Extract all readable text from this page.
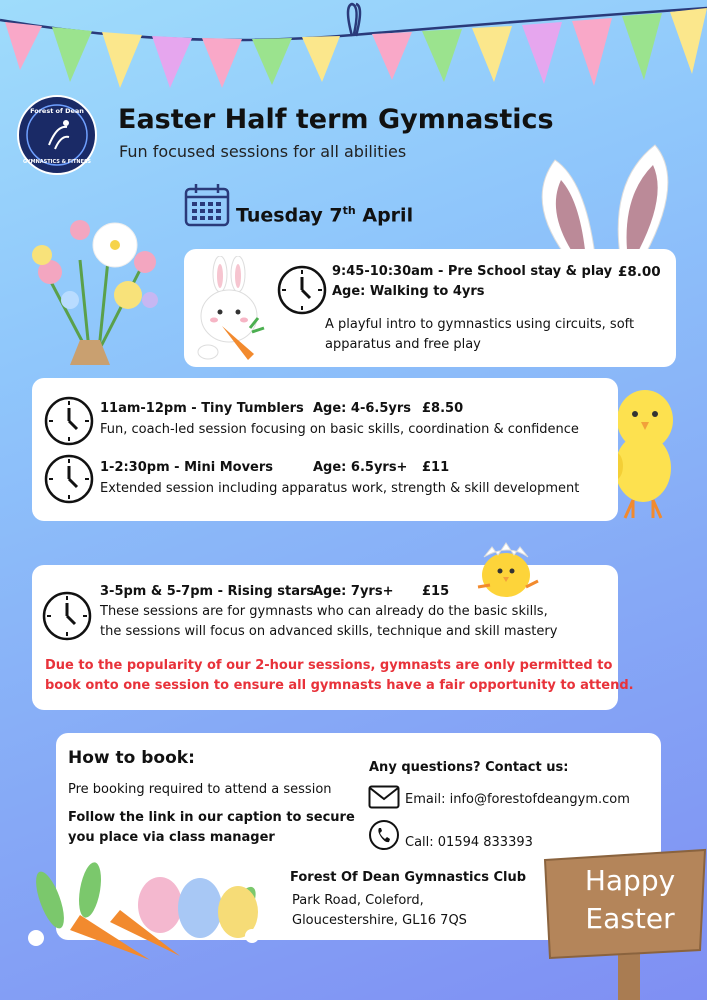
Forest of Dean
GYMNASTICS & FITNESS
Easter Half term Gymnastics
Fun focused sessions for all abilities
Tuesday 7th April
9:45-10:30am - Pre School stay & play
Age: Walking to 4yrs
£8.00
A playful intro to gymnastics using circuits, soft apparatus and free play
11am-12pm - Tiny Tumblers Age: 4-6.5yrs £8.50
Fun, coach-led session focusing on basic skills, coordination & confidence
1-2:30pm - Mini Movers	Age: 6.5yrs+ £11
Extended session including apparatus work, strength & skill development
3-5pm & 5-7pm - Rising stars
Age: 7yrs+ £15
These sessions are for gymnasts who can already do the basic skills,
the sessions will focus on advanced skills, technique and skill mastery
Due to the popularity of our 2-hour sessions, gymnasts are only permitted to
book onto one session to ensure all gymnasts have a fair opportunity to attend.
How to book:
Pre booking required to attend a session
Follow the link in our caption to secure
you place via class manager
Any questions? Contact us:
Email: info@forestofdeangym.com
Call: 01594 833393
Forest Of Dean Gymnastics Club
Park Road, Coleford,
Gloucestershire, GL16 7QS
Happy
Easter
